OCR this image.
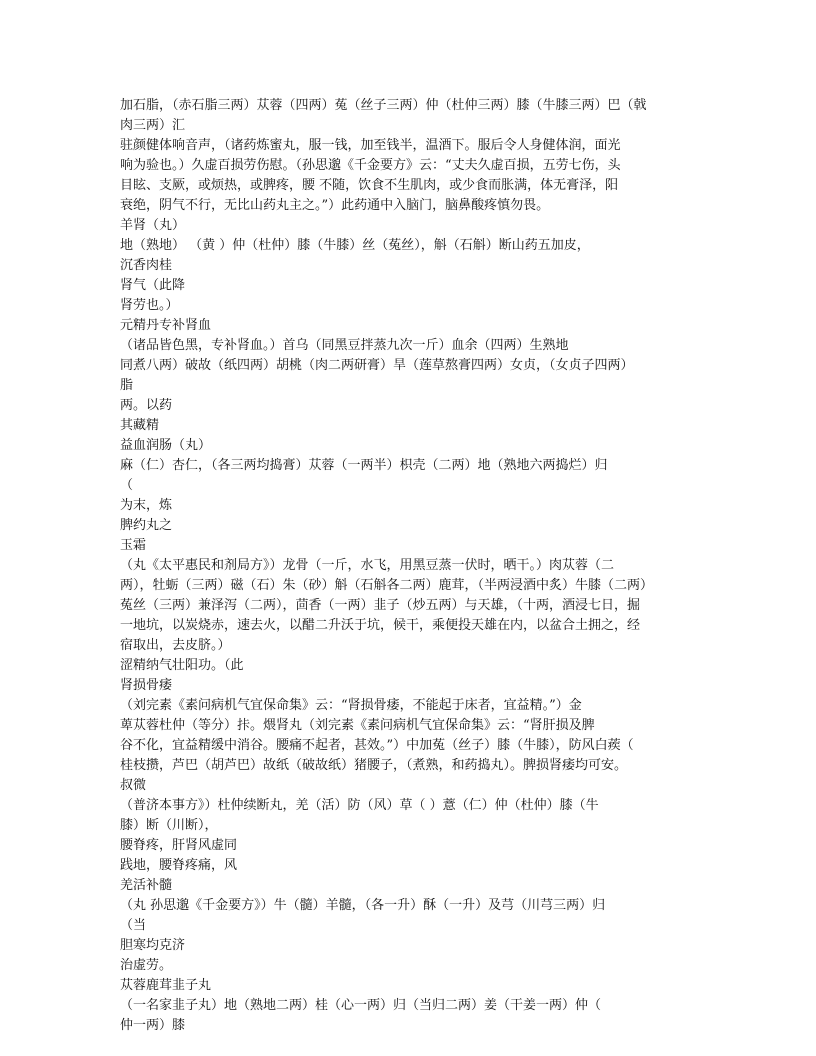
加石脂，（赤石脂三两）苁蓉（四两）菟（丝子三两）仲（杜仲三两）膝（牛膝三两）巴（戟
肉三两）汇
驻颜健体响音声，（诸药炼蜜丸，服一钱，加至钱半，温酒下。服后令人身健体润，面光
响为验也。）久虚百损劳伤慰。（孙思邈《千金要方》云：“丈夫久虚百损，五劳七伤，头
目眩、支厥，或烦热，或脾疼，腰 不随，饮食不生肌肉，或少食而胀满，体无膏泽，阳
衰绝，阴气不行，无比山药丸主之。”）此药通中入脑门，脑鼻酸疼慎勿畏。
羊肾（丸）
地（熟地） （黄 ）仲（杜仲）膝（牛膝）丝（菟丝），斛（石斛）断山药五加皮，
沉香肉桂
肾气（此降
肾劳也。）
元精丹专补肾血
（诸品皆色黑，专补肾血。）首乌（同黑豆拌蒸九次一斤）血余（四两）生熟地
同煮八两）破故（纸四两）胡桃（肉二两研膏）旱（莲草熬膏四两）女贞，（女贞子四两）
脂
两。以药
其藏精
益血润肠（丸）
麻（仁）杏仁，（各三两均捣膏）苁蓉（一两半）枳壳（二两）地（熟地六两捣烂）归
（
为末，炼
脾约丸之
玉霜
（丸《太平惠民和剂局方》）龙骨（一斤，水飞，用黑豆蒸一伏时，晒干。）肉苁蓉（二
两），牡蛎（三两）磁（石）朱（砂）斛（石斛各二两）鹿茸，（半两浸酒中炙）牛膝（二两）
菟丝（三两）兼泽泻（二两），茴香（一两）韭子（炒五两）与天雄，（十两，酒浸七日，掘
一地坑，以炭烧赤，速去火，以醋二升沃于坑，候干，乘便投天雄在内，以盆合土拥之，经
宿取出，去皮脐。）
涩精纳气壮阳功。（此
肾损骨痿
（刘完素《素问病机气宜保命集》云：“肾损骨痿，不能起于床者，宜益精。”）金
萆苁蓉杜仲（等分）拤。煨肾丸（刘完素《素问病机气宜保命集》云：“肾肝损及脾
谷不化，宜益精缓中消谷。腰痛不起者，甚效。”）中加菟（丝子）膝（牛膝），防风白蒺（
桂枝攒，芦巴（胡芦巴）故纸（破故纸）猪腰子，（煮熟，和药捣丸）。脾损肾痿均可安。
叔微
（普济本事方》）杜仲续断丸，羌（活）防（风）草（ ）薏（仁）仲（杜仲）膝（牛
膝）断（川断），
腰脊疼，肝肾风虚同
践地，腰脊疼痛，风
羌活补髓
（丸 孙思邈《千金要方》）牛（髓）羊髓，（各一升）酥（一升）及芎（川芎三两）归
（当
胆寒均克济
治虚劳。
苁蓉鹿茸韭子丸
（一名家韭子丸）地（熟地二两）桂（心一两）归（当归二两）姜（干姜一两）仲（
仲一两）膝
